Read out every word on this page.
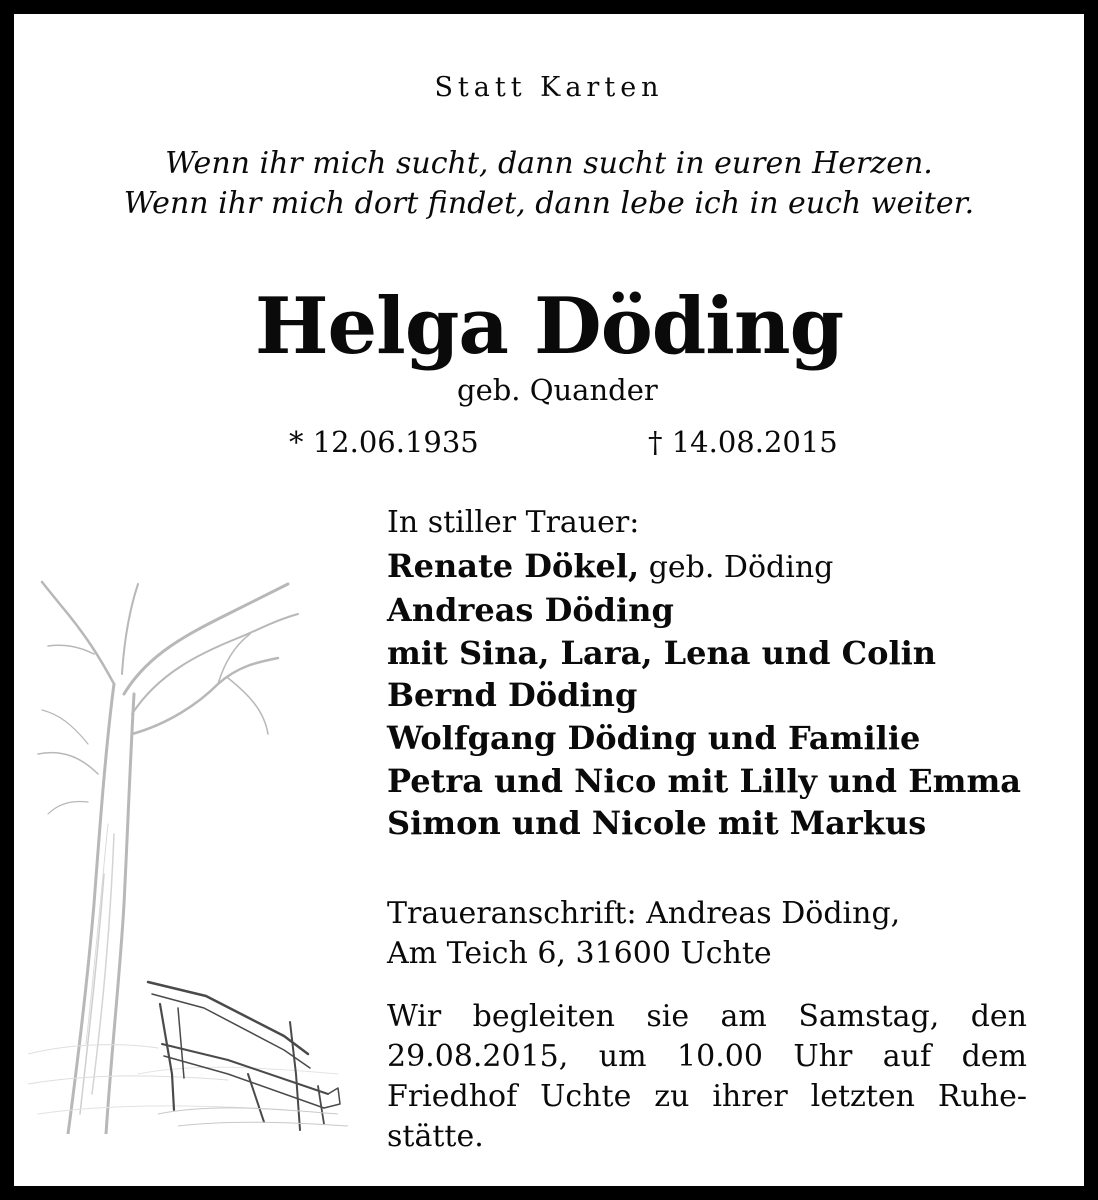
Statt Karten
Wenn ihr mich sucht, dann sucht in euren Herzen.
Wenn ihr mich dort findet, dann lebe ich in euch weiter.
Helga Döding
geb. Quander
* 12.06.1935	† 14.08.2015
In stiller Trauer:
Renate Dökel, geb. Döding
Andreas Döding
mit Sina, Lara, Lena und Colin
Bernd Döding
Wolfgang Döding und Familie
Petra und Nico mit Lilly und Emma
Simon und Nicole mit Markus
Traueranschrift: Andreas Döding,
Am Teich 6, 31600 Uchte
Wir begleiten sie am Samstag, den
29.08.2015, um 10.00 Uhr auf dem
Friedhof Uchte zu ihrer letzten Ruhe-
stätte.
